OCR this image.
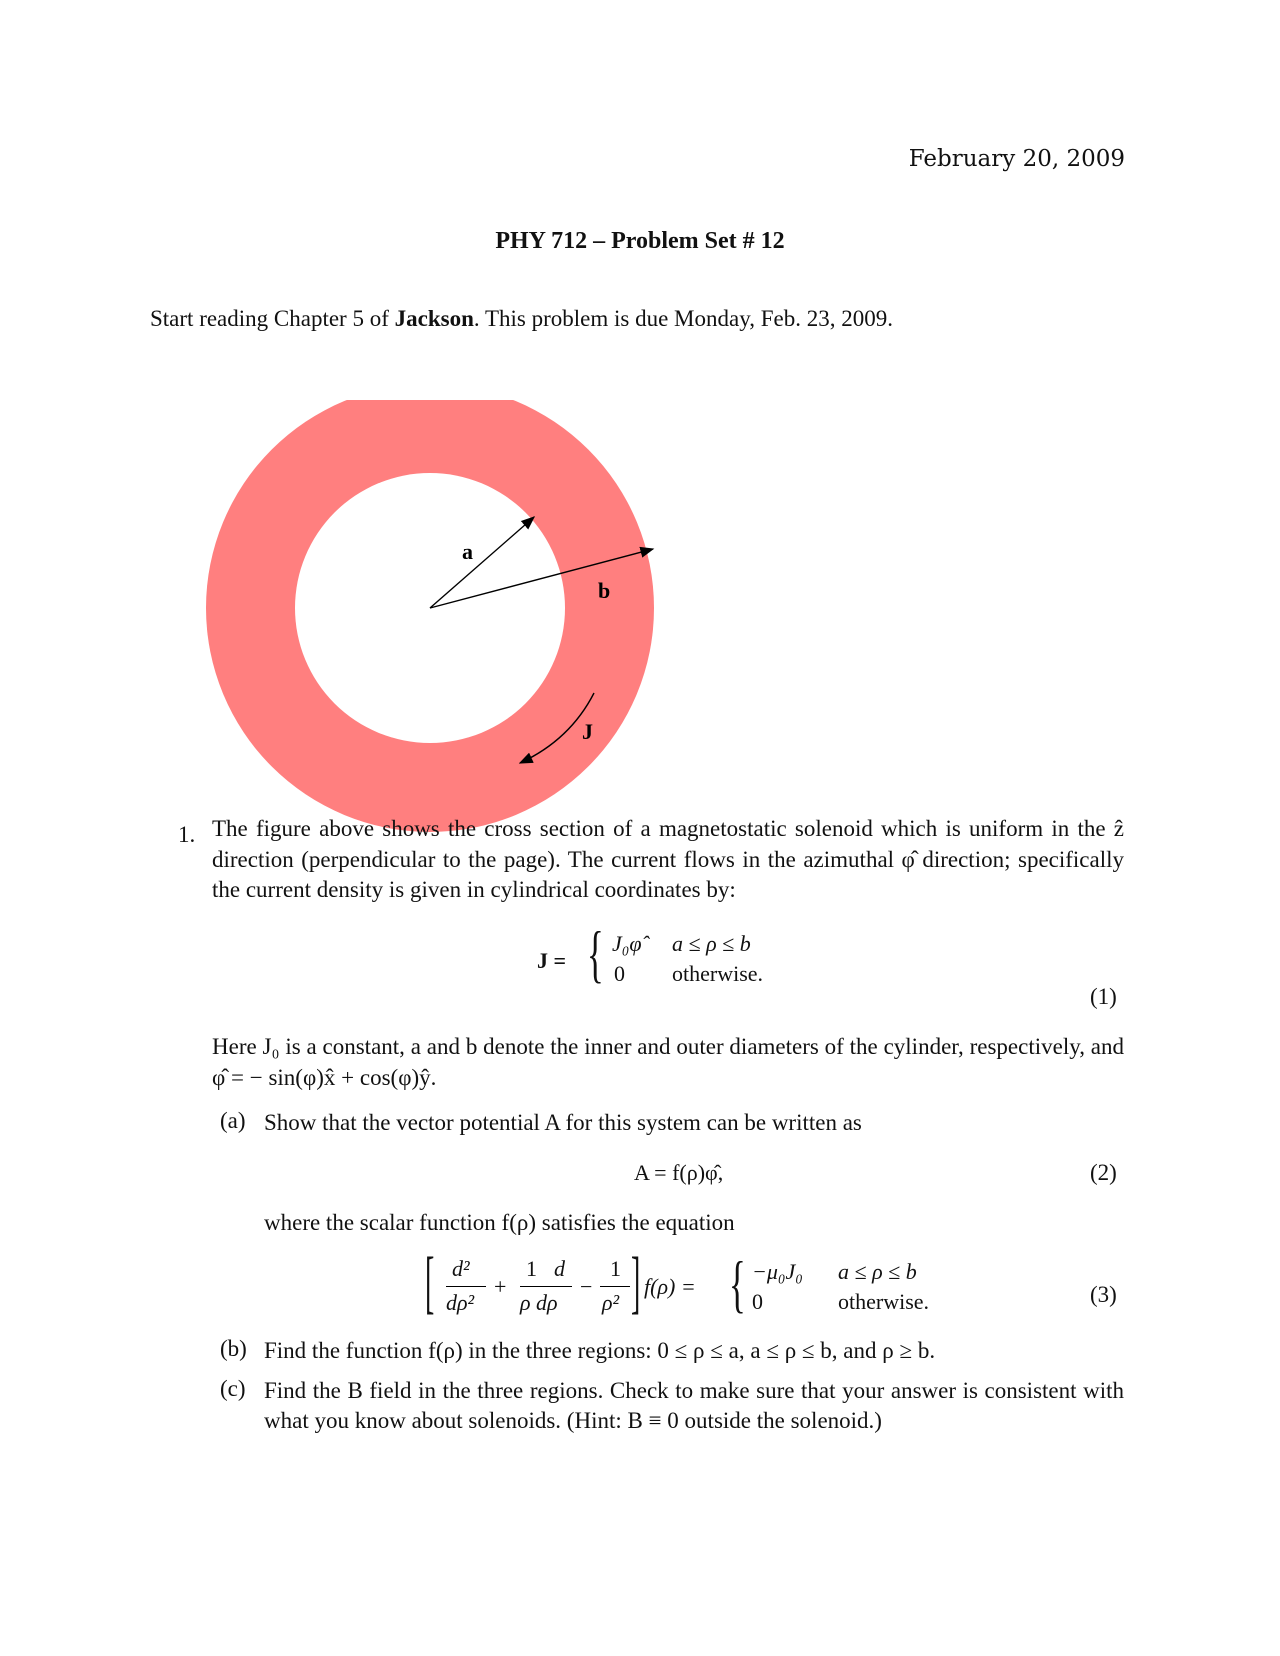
February 20, 2009
PHY 712 – Problem Set # 12
Start reading Chapter 5 of Jackson. This problem is due Monday, Feb. 23, 2009.
a
b
J
1. The figure above shows the cross section of a magnetostatic solenoid which is uniform in the ẑ direction (perpendicular to the page). The current flows in the azimuthal φ̂ direction; specifically the current density is given in cylindrical coordinates by:
J = { J₀φ̂ a ≤ ρ ≤ b
0 otherwise.
(1)
Here J₀ is a constant, a and b denote the inner and outer diameters of the cylinder, respectively, and φ̂ = − sin(φ)x̂ + cos(φ)ŷ.
(a) Show that the vector potential A for this system can be written as
A = f(ρ)φ̂,	(2)
where the scalar function f(ρ) satisfies the equation
[ d²
dρ²
+
1 d
ρ dρ
−
1
ρ² ] f(ρ) = { −μ₀J₀ a ≤ ρ ≤ b
0	otherwise.	(3)
(b) Find the function f(ρ) in the three regions: 0 ≤ ρ ≤ a, a ≤ ρ ≤ b, and ρ ≥ b.
(c) Find the B field in the three regions. Check to make sure that your answer is consistent with what you know about solenoids. (Hint: B ≡ 0 outside the solenoid.)
